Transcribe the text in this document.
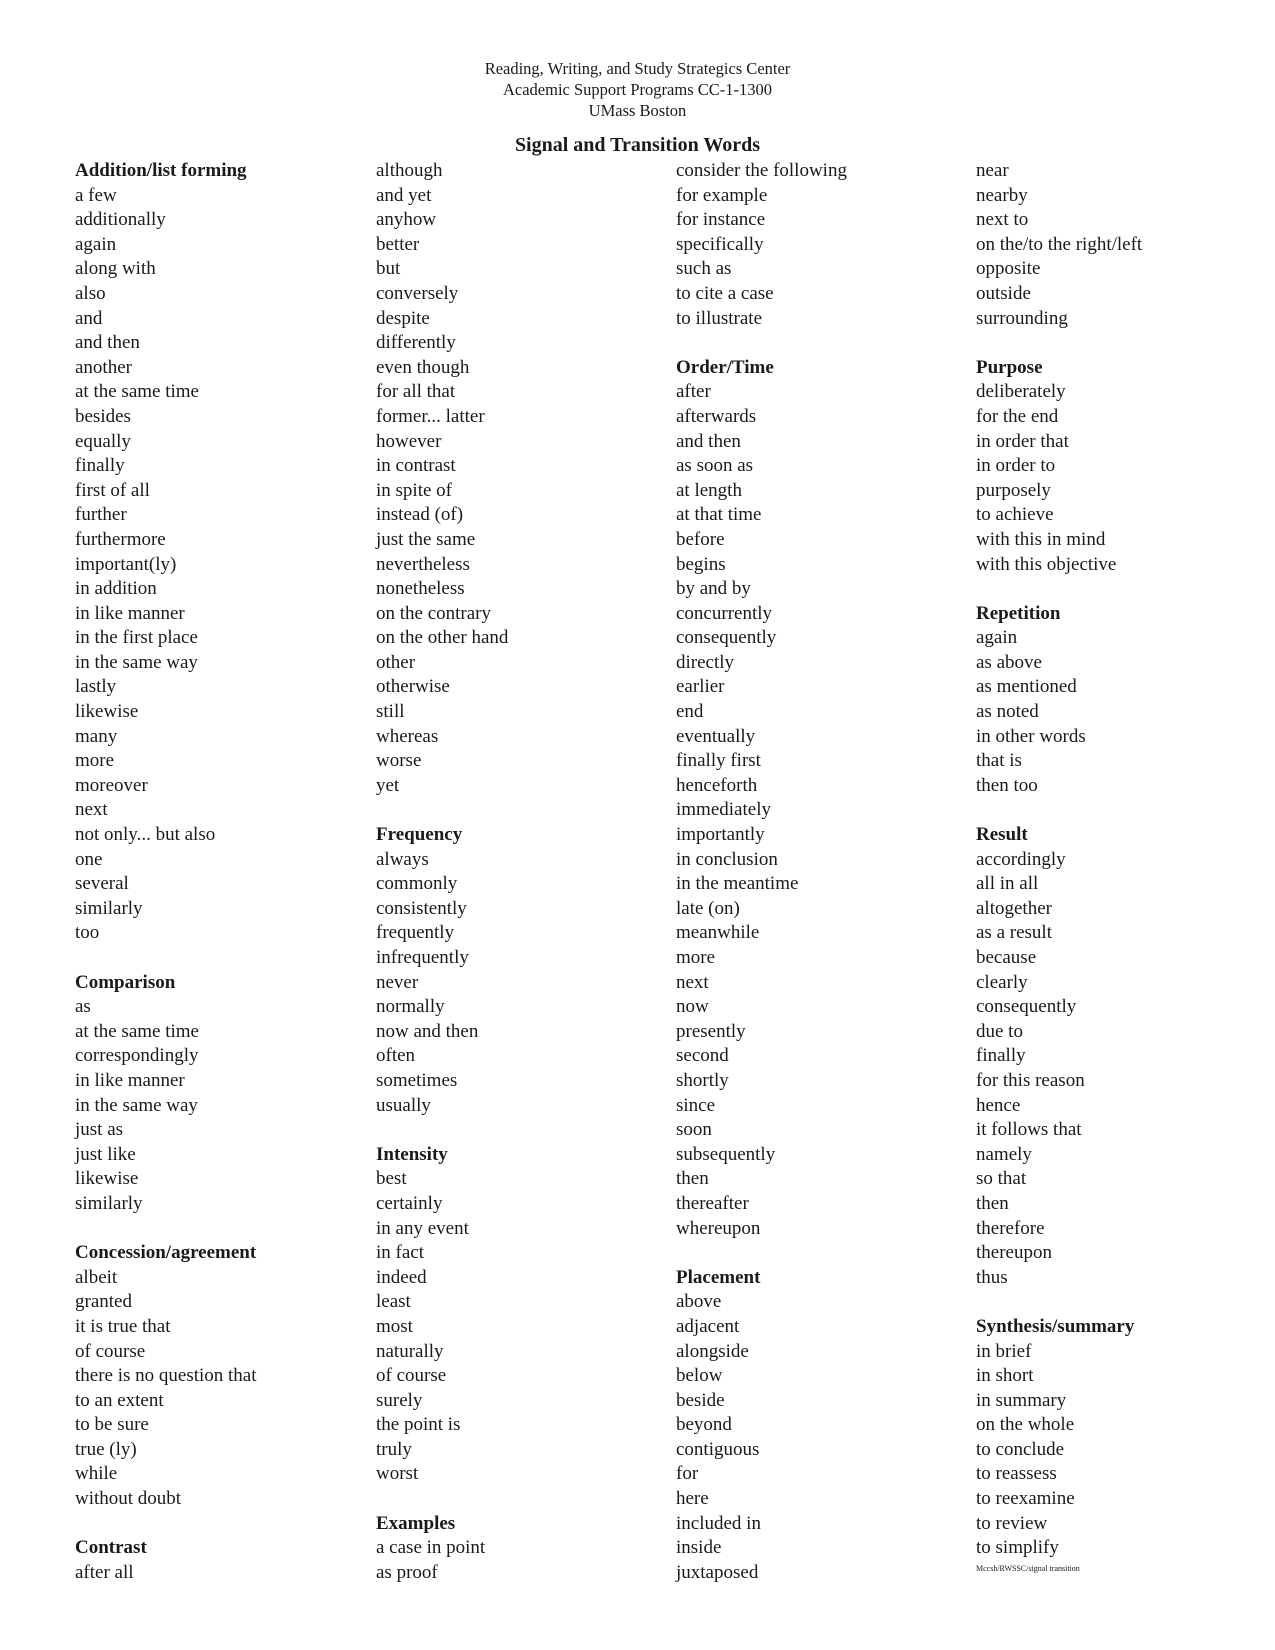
Reading, Writing, and Study Strategics Center
Academic Support Programs CC-1-1300
UMass Boston
Signal and Transition Words
Addition/list forming
a few
additionally
again
along with
also
and
and then
another
at the same time
besides
equally
finally
first of all
further
furthermore
important(ly)
in addition
in like manner
in the first place
in the same way
lastly
likewise
many
more
moreover
next
not only... but also
one
several
similarly
too
Comparison
as
at the same time
correspondingly
in like manner
in the same way
just as
just like
likewise
similarly
Concession/agreement
albeit
granted
it is true that
of course
there is no question that
to an extent
to be sure
true (ly)
while
without doubt
Contrast
after all
although
and yet
anyhow
better
but
conversely
despite
differently
even though
for all that
former... latter
however
in contrast
in spite of
instead (of)
just the same
nevertheless
nonetheless
on the contrary
on the other hand
other
otherwise
still
whereas
worse
yet
Frequency
always
commonly
consistently
frequently
infrequently
never
normally
now and then
often
sometimes
usually
Intensity
best
certainly
in any event
in fact
indeed
least
most
naturally
of course
surely
the point is
truly
worst
Examples
a case in point
as proof
consider the following
for example
for instance
specifically
such as
to cite a case
to illustrate
Order/Time
after
afterwards
and then
as soon as
at length
at that time
before
begins
by and by
concurrently
consequently
directly
earlier
end
eventually
finally first
henceforth
immediately
importantly
in conclusion
in the meantime
late (on)
meanwhile
more
next
now
presently
second
shortly
since
soon
subsequently
then
thereafter
whereupon
Placement
above
adjacent
alongside
below
beside
beyond
contiguous
for
here
included in
inside
juxtaposed
near
nearby
next to
on the/to the right/left
opposite
outside
surrounding
Purpose
deliberately
for the end
in order that
in order to
purposely
to achieve
with this in mind
with this objective
Repetition
again
as above
as mentioned
as noted
in other words
that is
then too
Result
accordingly
all in all
altogether
as a result
because
clearly
consequently
due to
finally
for this reason
hence
it follows that
namely
so that
then
therefore
thereupon
thus
Synthesis/summary
in brief
in short
in summary
on the whole
to conclude
to reassess
to reexamine
to review
to simplify
Mccsh/RWSSC/signal transition
